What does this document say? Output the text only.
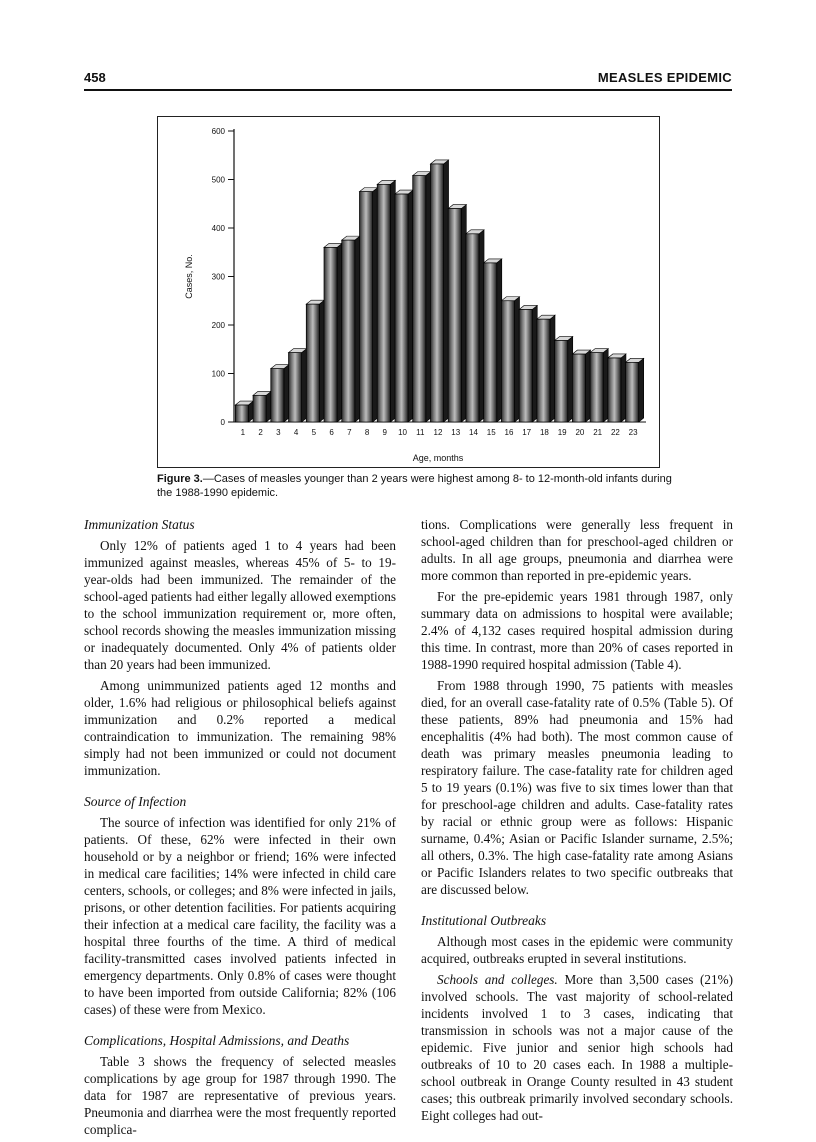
458	MEASLES EPIDEMIC
0
100
200
300
400
500
600
1 2 3 4 5 6 7 8 9 10 11 12 13 14 15 16 17 18 19 20 21 22 23
Cases, No.
Age, months
Figure 3.—Cases of measles younger than 2 years were highest among 8- to 12-month-old infants during the 1988-1990 epidemic.
Immunization Status

Only 12% of patients aged 1 to 4 years had been immunized against measles, whereas 45% of 5- to 19-year-olds had been immunized. The remainder of the school-aged patients had either legally allowed exemptions to the school immunization requirement or, more often, school records showing the measles immunization missing or inadequately documented. Only 4% of patients older than 20 years had been immunized.

Among unimmunized patients aged 12 months and older, 1.6% had religious or philosophical beliefs against immunization and 0.2% reported a medical contraindication to immunization. The remaining 98% simply had not been immunized or could not document immunization.

Source of Infection

The source of infection was identified for only 21% of patients. Of these, 62% were infected in their own household or by a neighbor or friend; 16% were infected in medical care facilities; 14% were infected in child care centers, schools, or colleges; and 8% were infected in jails, prisons, or other detention facilities. For patients acquiring their infection at a medical care facility, the facility was a hospital three fourths of the time. A third of medical facility-transmitted cases involved patients infected in emergency departments. Only 0.8% of cases were thought to have been imported from outside California; 82% (106 cases) of these were from Mexico.

Complications, Hospital Admissions, and Deaths

Table 3 shows the frequency of selected measles complications by age group for 1987 through 1990. The data for 1987 are representative of previous years. Pneumonia and diarrhea were the most frequently reported complica-

tions. Complications were generally less frequent in school-aged children than for preschool-aged children or adults. In all age groups, pneumonia and diarrhea were more common than reported in pre-epidemic years.

For the pre-epidemic years 1981 through 1987, only summary data on admissions to hospital were available; 2.4% of 4,132 cases required hospital admission during this time. In contrast, more than 20% of cases reported in 1988-1990 required hospital admission (Table 4).

From 1988 through 1990, 75 patients with measles died, for an overall case-fatality rate of 0.5% (Table 5). Of these patients, 89% had pneumonia and 15% had encephalitis (4% had both). The most common cause of death was primary measles pneumonia leading to respiratory failure. The case-fatality rate for children aged 5 to 19 years (0.1%) was five to six times lower than that for preschool-age children and adults. Case-fatality rates by racial or ethnic group were as follows: Hispanic surname, 0.4%; Asian or Pacific Islander surname, 2.5%; all others, 0.3%. The high case-fatality rate among Asians or Pacific Islanders relates to two specific outbreaks that are discussed below.

Institutional Outbreaks

Although most cases in the epidemic were community acquired, outbreaks erupted in several institutions.

Schools and colleges. More than 3,500 cases (21%) involved schools. The vast majority of school-related incidents involved 1 to 3 cases, indicating that transmission in schools was not a major cause of the epidemic. Five junior and senior high schools had outbreaks of 10 to 20 cases each. In 1988 a multiple-school outbreak in Orange County resulted in 43 student cases; this outbreak primarily involved secondary schools. Eight colleges had out-
